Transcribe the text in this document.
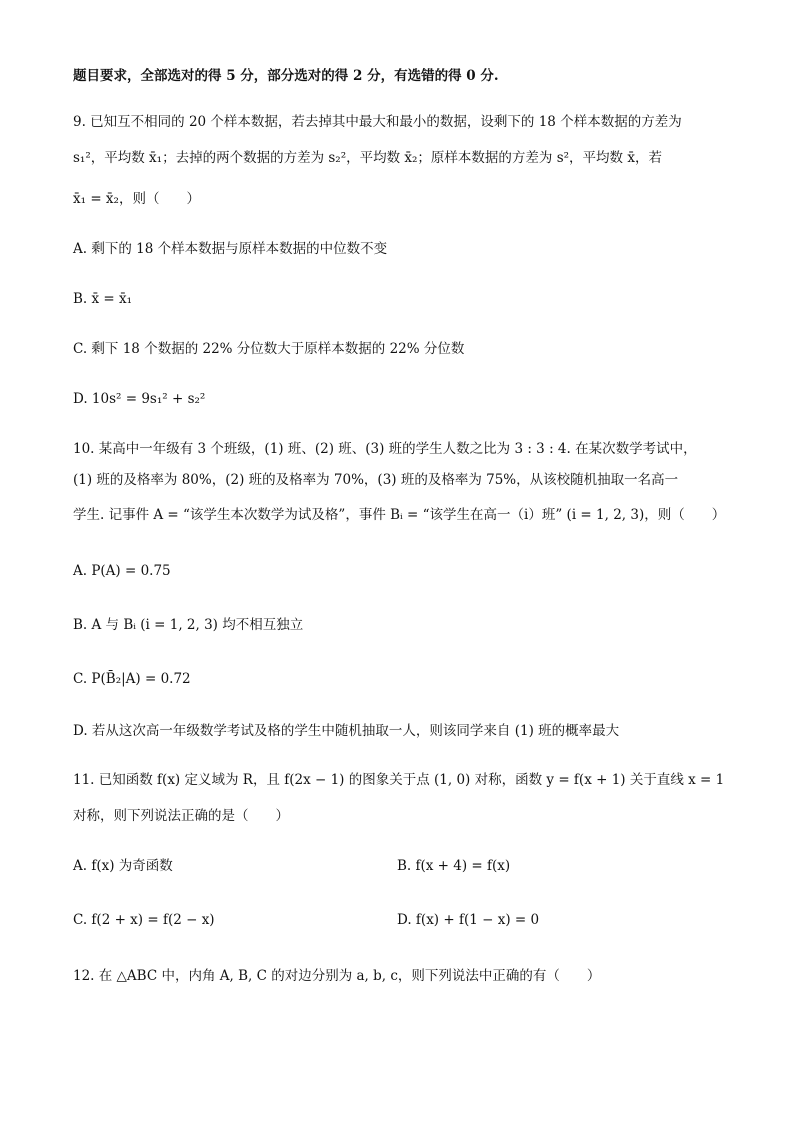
题目要求，全部选对的得 5 分，部分选对的得 2 分，有选错的得 0 分.
9. 已知互不相同的 20 个样本数据，若去掉其中最大和最小的数据，设剩下的 18 个样本数据的方差为
s₁²，平均数 x̄₁；去掉的两个数据的方差为 s₂²，平均数 x̄₂；原样本数据的方差为 s²，平均数 x̄，若
x̄₁ = x̄₂，则（　　）
A. 剩下的 18 个样本数据与原样本数据的中位数不变
B. x̄ = x̄₁
C. 剩下 18 个数据的 22% 分位数大于原样本数据的 22% 分位数
D. 10s² = 9s₁² + s₂²
10. 某高中一年级有 3 个班级，(1) 班、(2) 班、(3) 班的学生人数之比为 3 : 3 : 4. 在某次数学考试中，
(1) 班的及格率为 80%，(2) 班的及格率为 70%，(3) 班的及格率为 75%，从该校随机抽取一名高一
学生. 记事件 A = “该学生本次数学为试及格”，事件 Bᵢ = “该学生在高一（i）班” (i = 1, 2, 3)，则（　　）
A. P(A) = 0.75
B. A 与 Bᵢ (i = 1, 2, 3) 均不相互独立
C. P(B̄₂|A) = 0.72
D. 若从这次高一年级数学考试及格的学生中随机抽取一人，则该同学来自 (1) 班的概率最大
11. 已知函数 f(x) 定义域为 R，且 f(2x − 1) 的图象关于点 (1, 0) 对称，函数 y = f(x + 1) 关于直线 x = 1
对称，则下列说法正确的是（　　）
A. f(x) 为奇函数	B. f(x + 4) = f(x)
C. f(2 + x) = f(2 − x)	D. f(x) + f(1 − x) = 0
12. 在 △ABC 中，内角 A, B, C 的对边分别为 a, b, c，则下列说法中正确的有（　　）
